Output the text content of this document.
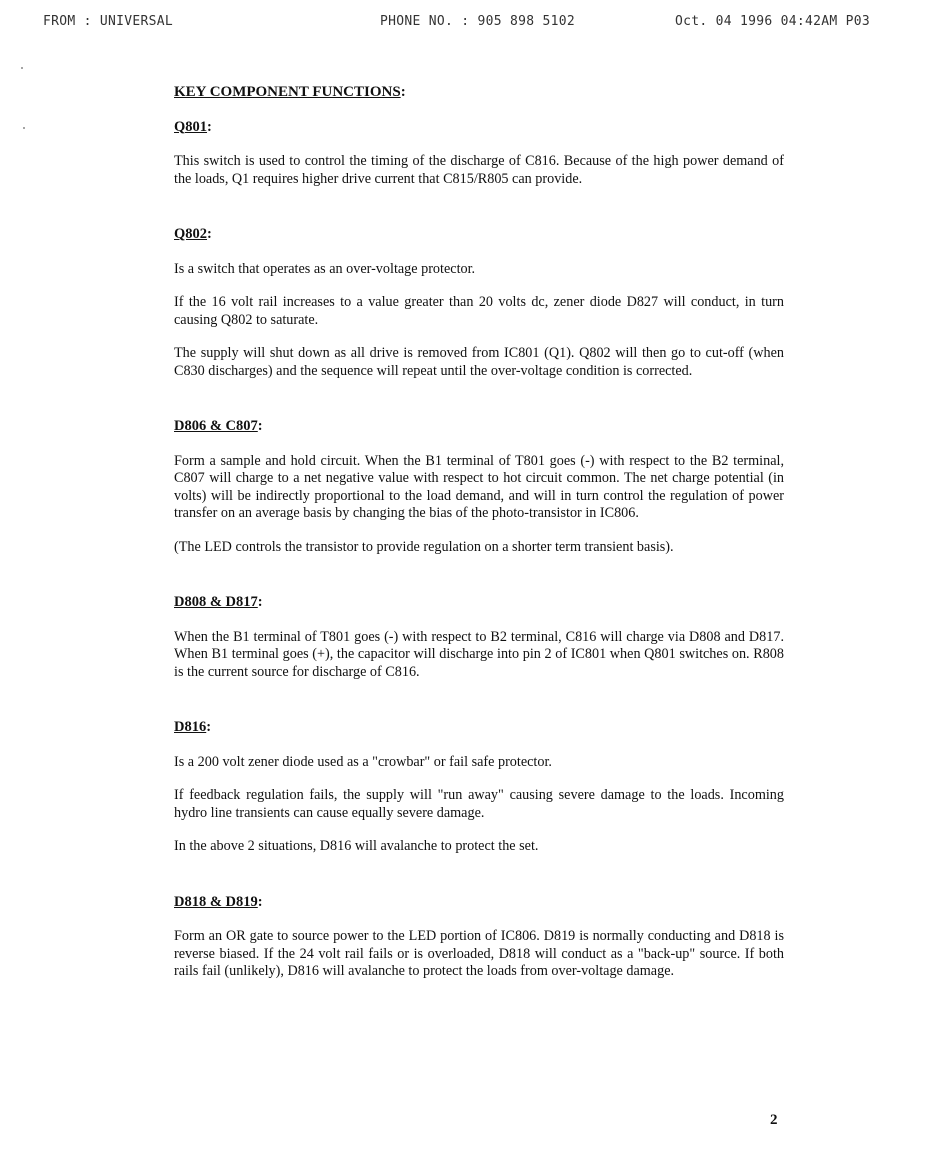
FROM : UNIVERSAL	PHONE NO. : 905 898 5102	Oct. 04 1996 04:42AM P03
KEY COMPONENT FUNCTIONS:
Q801:

This switch is used to control the timing of the discharge of C816. Because of the high power demand of the loads, Q1 requires higher drive current that C815/R805 can provide.

Q802:

Is a switch that operates as an over-voltage protector.

If the 16 volt rail increases to a value greater than 20 volts dc, zener diode D827 will conduct, in turn causing Q802 to saturate.

The supply will shut down as all drive is removed from IC801 (Q1). Q802 will then go to cut-off (when C830 discharges) and the sequence will repeat until the over-voltage condition is corrected.

D806 & C807:

Form a sample and hold circuit. When the B1 terminal of T801 goes (-) with respect to the B2 terminal, C807 will charge to a net negative value with respect to hot circuit common. The net charge potential (in volts) will be indirectly proportional to the load demand, and will in turn control the regulation of power transfer on an average basis by changing the bias of the photo-transistor in IC806.

(The LED controls the transistor to provide regulation on a shorter term transient basis).

D808 & D817:

When the B1 terminal of T801 goes (-) with respect to B2 terminal, C816 will charge via D808 and D817. When B1 terminal goes (+), the capacitor will discharge into pin 2 of IC801 when Q801 switches on. R808 is the current source for discharge of C816.

D816:

Is a 200 volt zener diode used as a "crowbar" or fail safe protector.

If feedback regulation fails, the supply will "run away" causing severe damage to the loads. Incoming hydro line transients can cause equally severe damage.

In the above 2 situations, D816 will avalanche to protect the set.

D818 & D819:

Form an OR gate to source power to the LED portion of IC806. D819 is normally conducting and D818 is reverse biased. If the 24 volt rail fails or is overloaded, D818 will conduct as a "back-up" source. If both rails fail (unlikely), D816 will avalanche to protect the loads from over-voltage damage.

2
